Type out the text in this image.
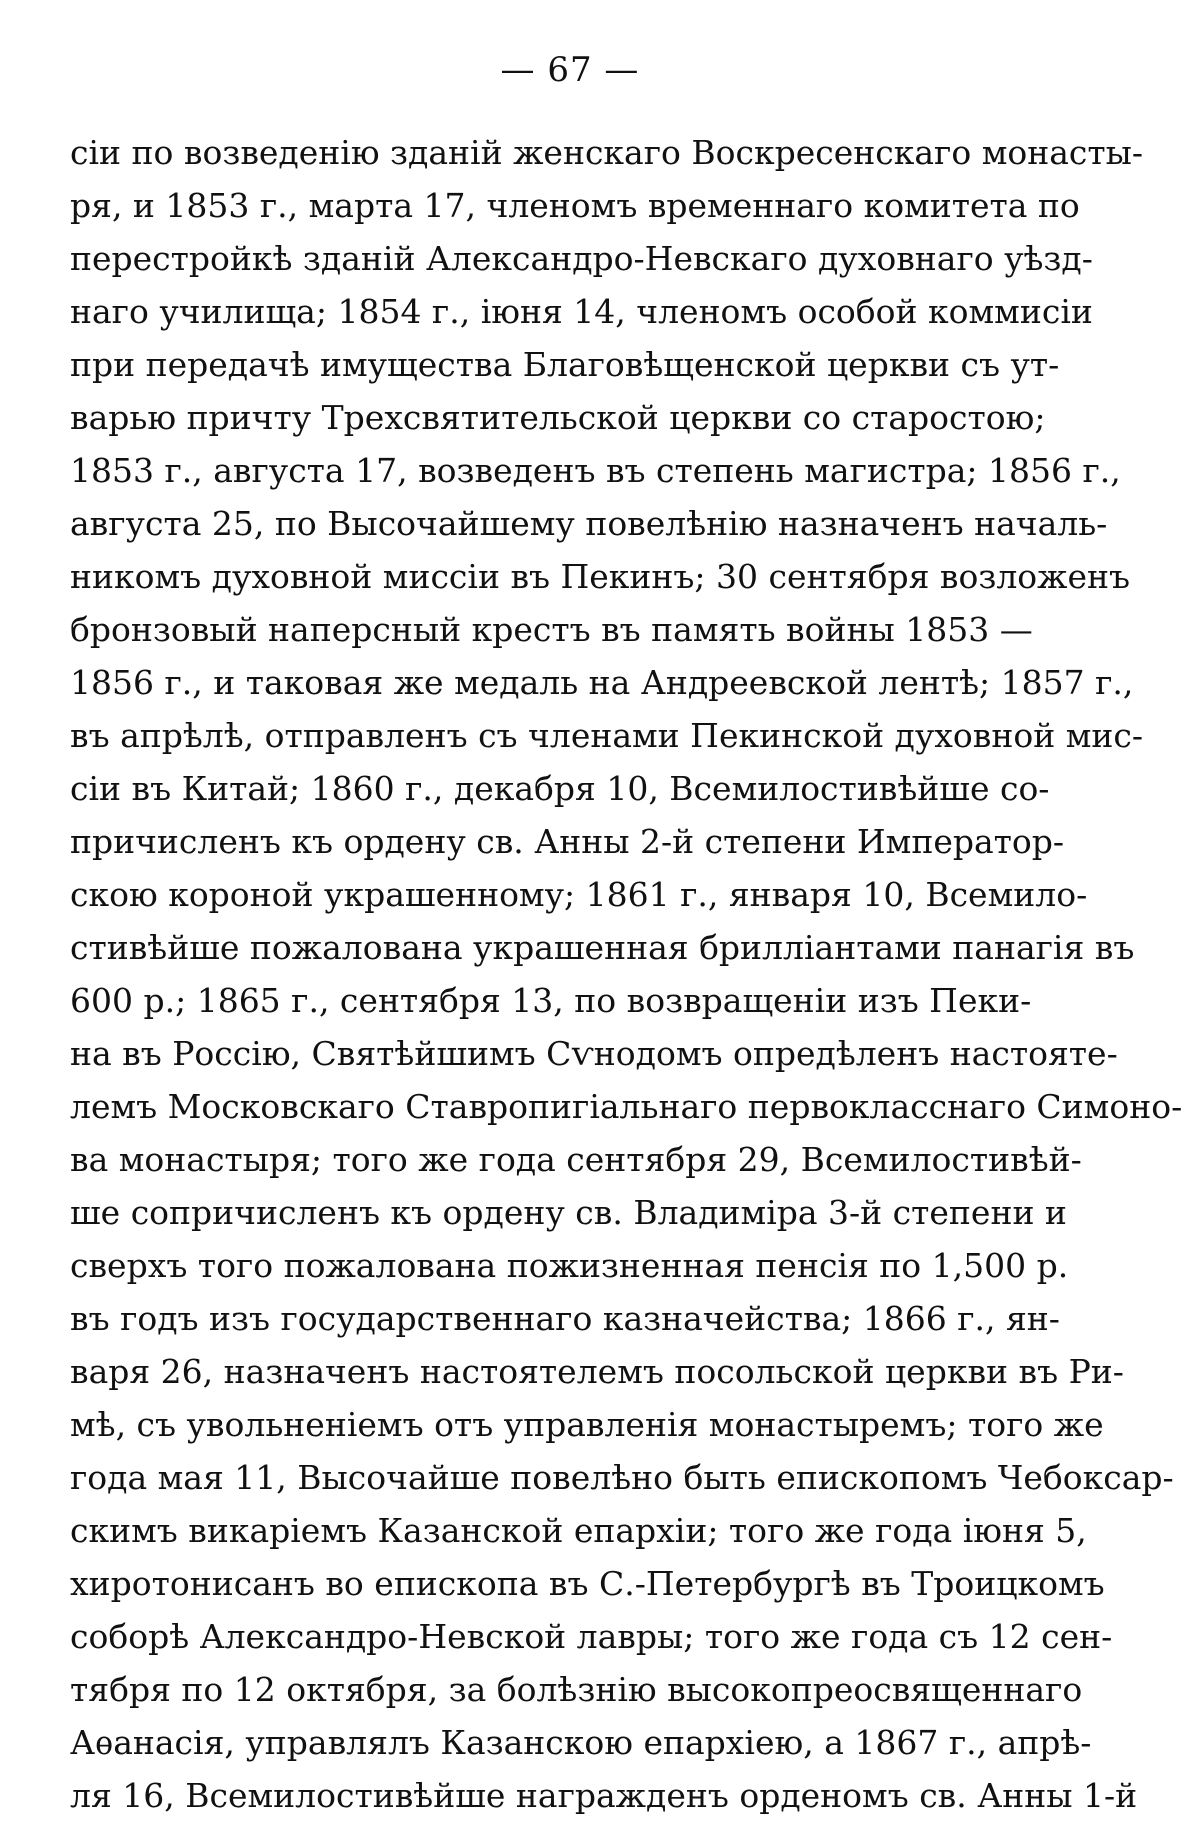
— 67 —
сіи по возведенію зданій женскаго Воскресенскаго монасты-
ря, и 1853 г., марта 17, членомъ временнаго комитета по
перестройкѣ зданій Александро-Невскаго духовнаго уѣзд-
наго училища; 1854 г., іюня 14, членомъ особой коммисіи
при передачѣ имущества Благовѣщенской церкви съ ут-
варью причту Трехсвятительской церкви со старостою;
1853 г., августа 17, возведенъ въ степень магистра; 1856 г.,
августа 25, по Высочайшему повелѣнію назначенъ началь-
никомъ духовной миссіи въ Пекинъ; 30 сентября возложенъ
бронзовый наперсный крестъ въ память войны 1853 —
1856 г., и таковая же медаль на Андреевской лентѣ; 1857 г.,
въ апрѣлѣ, отправленъ съ членами Пекинской духовной мис-
сіи въ Китай; 1860 г., декабря 10, Всемилостивѣйше со-
причисленъ къ ордену св. Анны 2-й степени Император-
скою короной украшенному; 1861 г., января 10, Всемило-
стивѣйше пожалована украшенная бриллiантами панагія въ
600 р.; 1865 г., сентября 13, по возвращеніи изъ Пеки-
на въ Россію, Святѣйшимъ Сѵнодомъ опредѣленъ настояте-
лемъ Московскаго Ставропигіальнаго первокласснаго Симоно-
ва монастыря; того же года сентября 29, Всемилостивѣй-
ше сопричисленъ къ ордену св. Владиміра 3-й степени и
сверхъ того пожалована пожизненная пенсія по 1,500 р.
въ годъ изъ государственнаго казначейства; 1866 г., ян-
варя 26, назначенъ настоятелемъ посольской церкви въ Ри-
мѣ, съ увольненіемъ отъ управленія монастыремъ; того же
года мая 11, Высочайше повелѣно быть епископомъ Чебоксар-
скимъ викаріемъ Казанской епархіи; того же года іюня 5,
хиротонисанъ во епископа въ С.-Петербургѣ въ Троицкомъ
соборѣ Александро-Невской лавры; того же года съ 12 сен-
тября по 12 октября, за болѣзнію высокопреосвященнаго
Аѳанасія, управлялъ Казанскою епархіею, а 1867 г., апрѣ-
ля 16, Всемилостивѣйше награжденъ орденомъ св. Анны 1-й
